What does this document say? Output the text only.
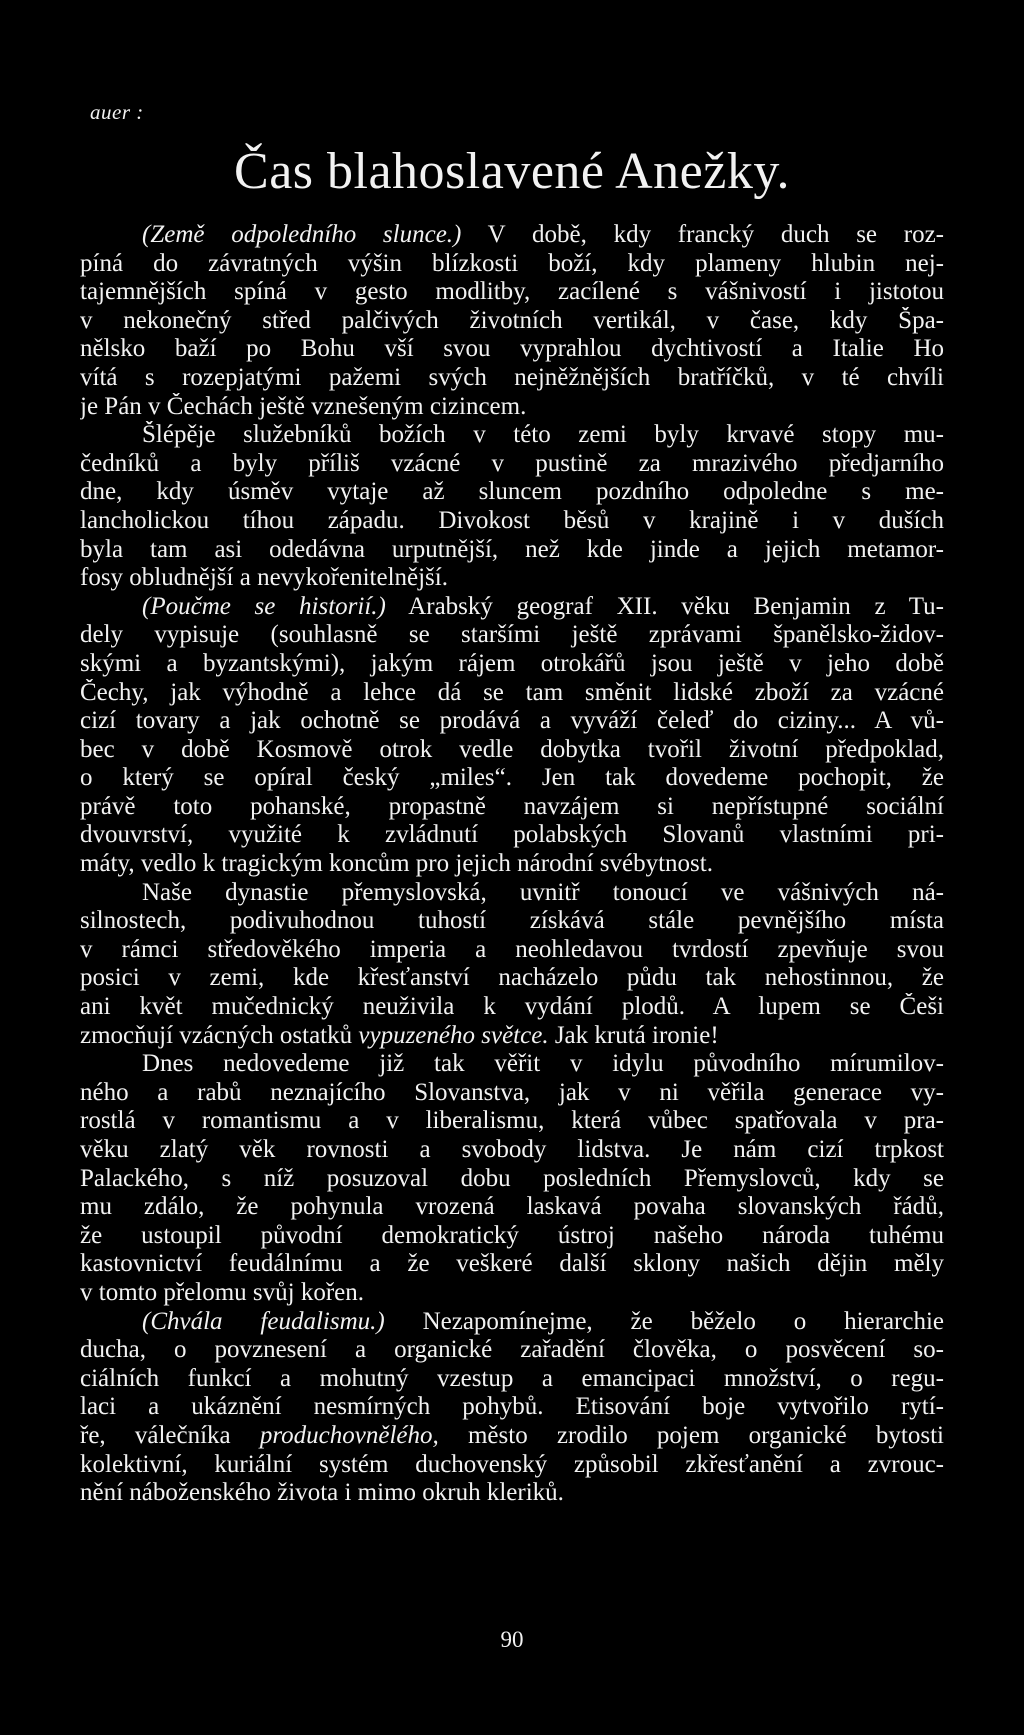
auer :
Čas blahoslavené Anežky.
(Země odpoledního slunce.) V době, kdy francký duch se roz-
píná do závratných výšin blízkosti boží, kdy plameny hlubin nej-
tajemnějších spíná v gesto modlitby, zacílené s vášnivostí i jistotou
v nekonečný střed palčivých životních vertikál, v čase, kdy Špa-
nělsko baží po Bohu vší svou vyprahlou dychtivostí a Italie Ho
vítá s rozepjatými pažemi svých nejněžnějších bratříčků, v té chvíli
je Pán v Čechách ještě vznešeným cizincem.
Šlépěje služebníků božích v této zemi byly krvavé stopy mu-
čedníků a byly příliš vzácné v pustině za mrazivého předjarního
dne, kdy úsměv vytaje až sluncem pozdního odpoledne s me-
lancholickou tíhou západu. Divokost běsů v krajině i v duších
byla tam asi odedávna urputnější, než kde jinde a jejich metamor-
fosy obludnější a nevykořenitelnější.
(Poučme se historií.) Arabský geograf XII. věku Benjamin z Tu-
dely vypisuje (souhlasně se staršími ještě zprávami španělsko-židov-
skými a byzantskými), jakým rájem otrokářů jsou ještě v jeho době
Čechy, jak výhodně a lehce dá se tam směnit lidské zboží za vzácné
cizí tovary a jak ochotně se prodává a vyváží čeleď do ciziny... A vů-
bec v době Kosmově otrok vedle dobytka tvořil životní předpoklad,
o který se opíral český „miles“. Jen tak dovedeme pochopit, že
právě toto pohanské, propastně navzájem si nepřístupné sociální
dvouvrství, využité k zvládnutí polabských Slovanů vlastními pri-
máty, vedlo k tragickým koncům pro jejich národní svébytnost.
Naše dynastie přemyslovská, uvnitř tonoucí ve vášnivých ná-
silnostech, podivuhodnou tuhostí získává stále pevnějšího místa
v rámci středověkého imperia a neohledavou tvrdostí zpevňuje svou
posici v zemi, kde křesťanství nacházelo půdu tak nehostinnou, že
ani květ mučednický neuživila k vydání plodů. A lupem se Češi
zmocňují vzácných ostatků vypuzeného světce. Jak krutá ironie!
Dnes nedovedeme již tak věřit v idylu původního mírumilov-
ného a rabů neznajícího Slovanstva, jak v ni věřila generace vy-
rostlá v romantismu a v liberalismu, která vůbec spatřovala v pra-
věku zlatý věk rovnosti a svobody lidstva. Je nám cizí trpkost
Palackého, s níž posuzoval dobu posledních Přemyslovců, kdy se
mu zdálo, že pohynula vrozená laskavá povaha slovanských řádů,
že ustoupil původní demokratický ústroj našeho národa tuhému
kastovnictví feudálnímu a že veškeré další sklony našich dějin měly
v tomto přelomu svůj kořen.
(Chvála feudalismu.) Nezapomínejme, že běželo o hierarchie
ducha, o povznesení a organické zařadění člověka, o posvěcení so-
ciálních funkcí a mohutný vzestup a emancipaci množství, o regu-
laci a ukáznění nesmírných pohybů. Etisování boje vytvořilo rytí-
ře, válečníka produchovnělého, město zrodilo pojem organické bytosti
kolektivní, kuriální systém duchovenský způsobil zkřesťanění a zvrouc-
nění náboženského života i mimo okruh kleriků.
90
